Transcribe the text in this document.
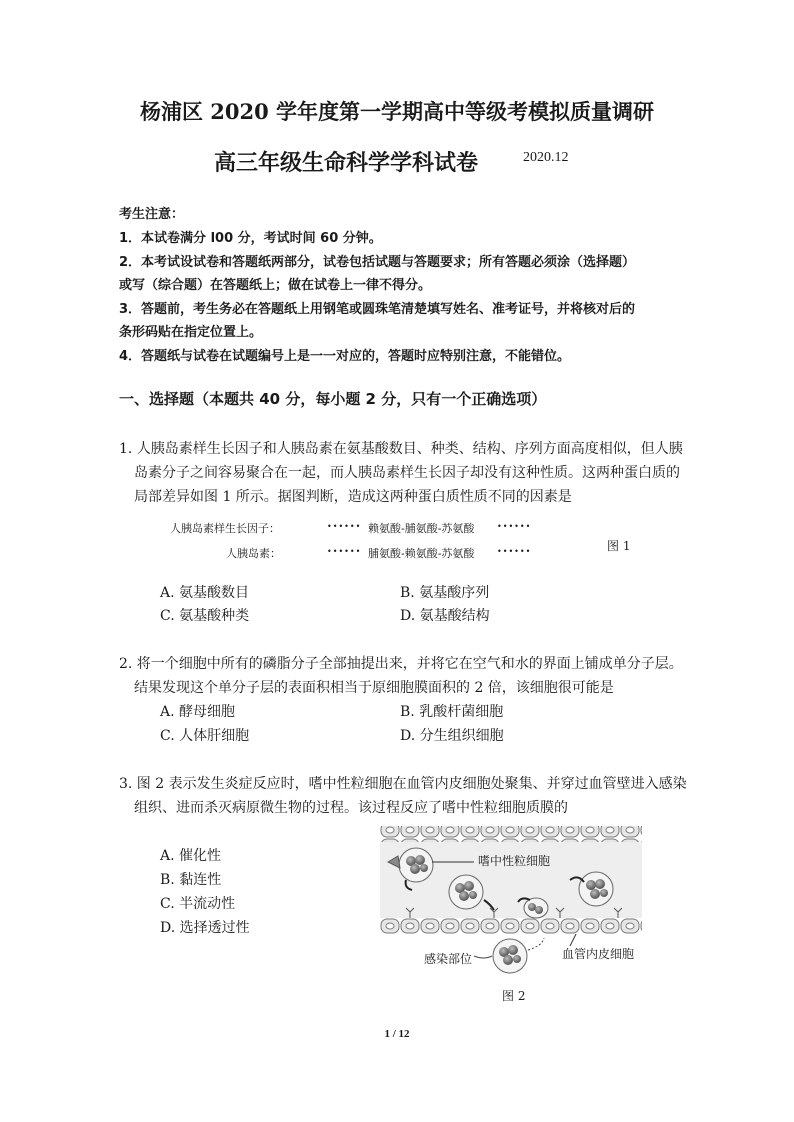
杨浦区 2020 学年度第一学期高中等级考模拟质量调研
高三年级生命科学学科试卷	2020.12
考生注意：
1．本试卷满分 l00 分，考试时间 60 分钟。
2．本考试设试卷和答题纸两部分，试卷包括试题与答题要求；所有答题必须涂（选择题）
或写（综合题）在答题纸上；做在试卷上一律不得分。
3．答题前，考生务必在答题纸上用钢笔或圆珠笔清楚填写姓名、准考证号，并将核对后的
条形码贴在指定位置上。
4．答题纸与试卷在试题编号上是一一对应的，答题时应特别注意，不能错位。
一、选择题（本题共 40 分，每小题 2 分，只有一个正确选项）
1. 人胰岛素样生长因子和人胰岛素在氨基酸数目、种类、结构、序列方面高度相似，但人胰
岛素分子之间容易聚合在一起，而人胰岛素样生长因子却没有这种性质。这两种蛋白质的
局部差异如图 1 所示。据图判断，造成这两种蛋白质性质不同的因素是
人胰岛素样生长因子：	•••••• 赖氨酸-脯氨酸-苏氨酸	••••••
人胰岛素：	•••••• 脯氨酸-赖氨酸-苏氨酸	••••••	图 1
A. 氨基酸数目	B. 氨基酸序列
C. 氨基酸种类	D. 氨基酸结构
2. 将一个细胞中所有的磷脂分子全部抽提出来，并将它在空气和水的界面上铺成单分子层。
结果发现这个单分子层的表面积相当于原细胞膜面积的 2 倍，该细胞很可能是
A. 酵母细胞	B. 乳酸杆菌细胞
C. 人体肝细胞	D. 分生组织细胞
3. 图 2 表示发生炎症反应时，嗜中性粒细胞在血管内皮细胞处聚集、并穿过血管壁进入感染
组织、进而杀灭病原微生物的过程。该过程反应了嗜中性粒细胞质膜的
A. 催化性
B. 黏连性
C. 半流动性
D. 选择透过性
嗜中性粒细胞
感染部位	血管内皮细胞
图 2
1 / 12
